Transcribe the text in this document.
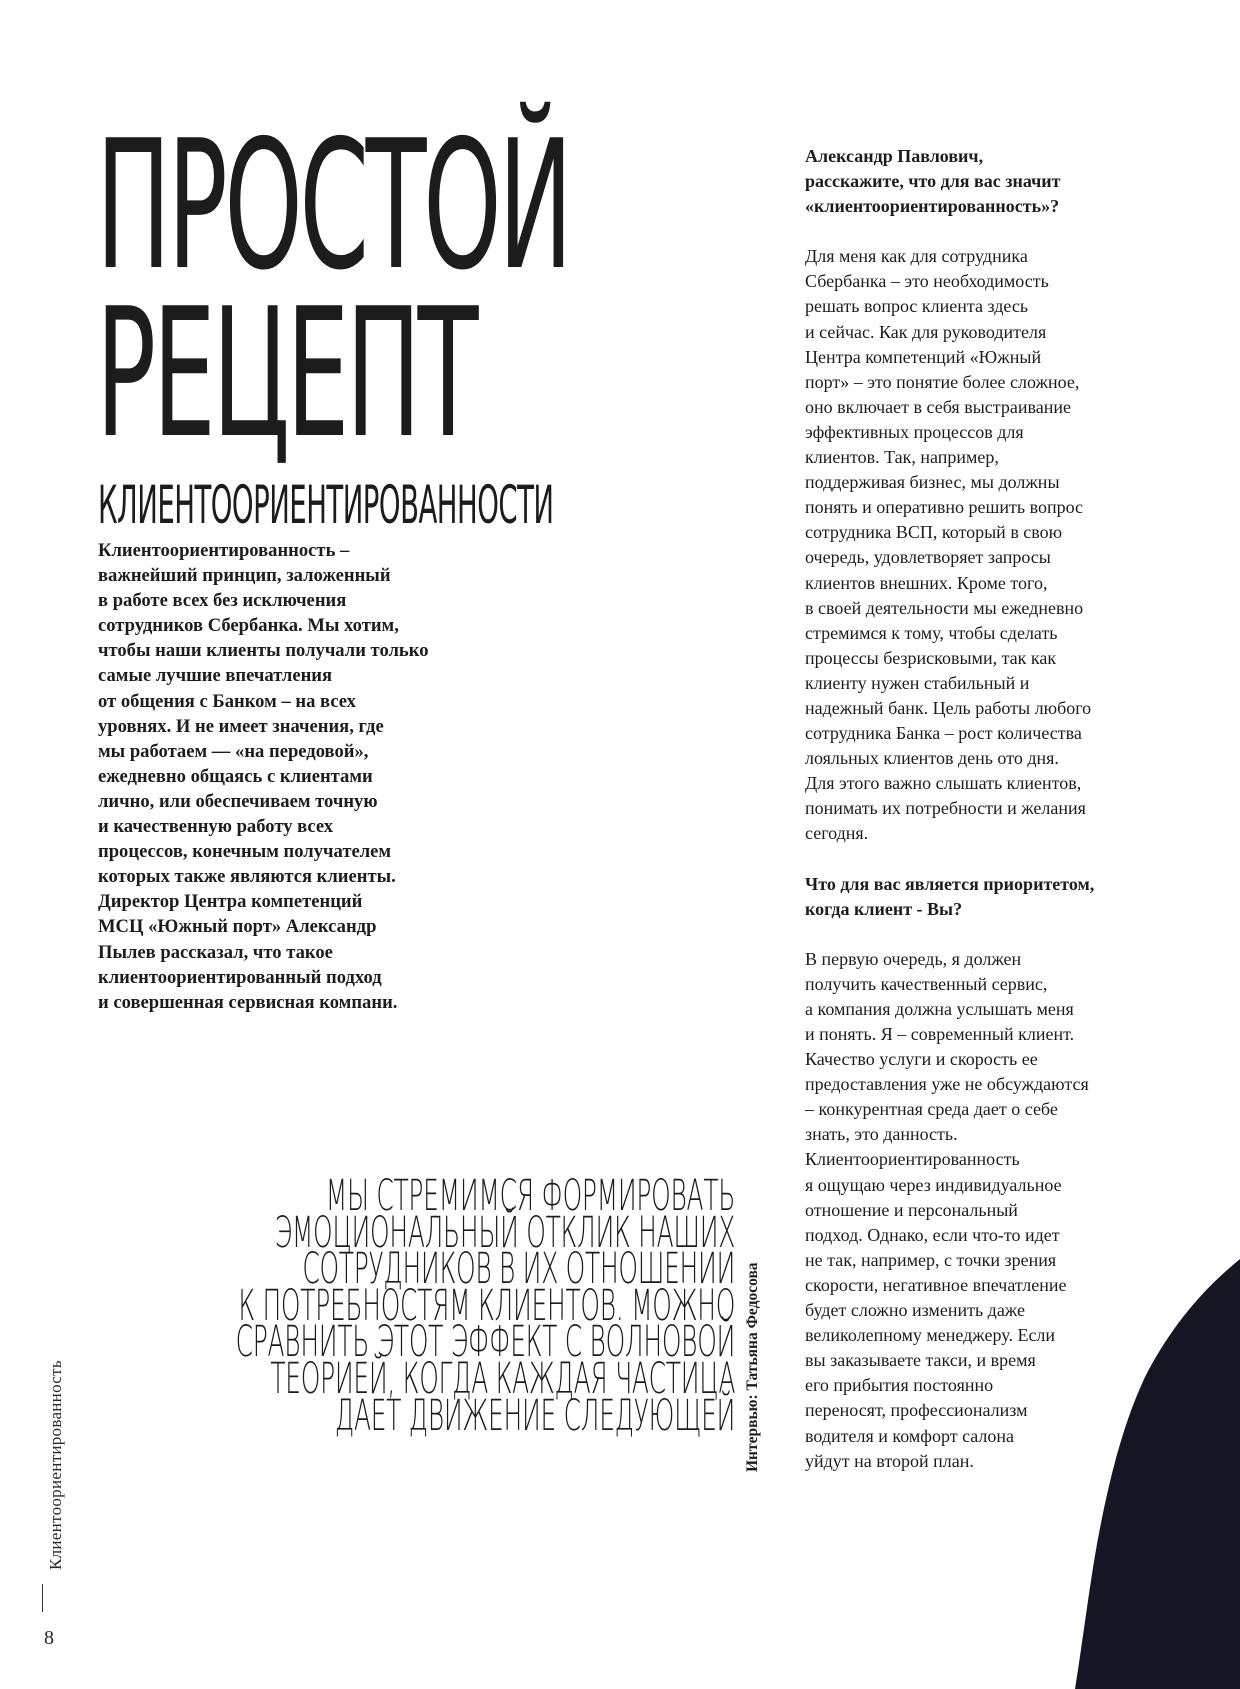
ПРОСТОЙ
РЕЦЕПТ
КЛИЕНТООРИЕНТИРОВАННОСТИ
Клиентоориентированность –
важнейший принцип, заложенный
в работе всех без исключения
сотрудников Сбербанка. Мы хотим,
чтобы наши клиенты получали только
самые лучшие впечатления
от общения с Банком – на всех
уровнях. И не имеет значения, где
мы работаем — «на передовой»,
ежедневно общаясь с клиентами
лично, или обеспечиваем точную
и качественную работу всех
процессов, конечным получателем
которых также являются клиенты.
Директор Центра компетенций
МСЦ «Южный порт» Александр
Пылев рассказал, что такое
клиентоориентированный подход
и совершенная сервисная компани.
МЫ СТРЕМИМСЯ ФОРМИРОВАТЬ
ЭМОЦИОНАЛЬНЫЙ ОТКЛИК НАШИХ
СОТРУДНИКОВ В ИХ ОТНОШЕНИИ
К ПОТРЕБНОСТЯМ КЛИЕНТОВ. МОЖНО
СРАВНИТЬ ЭТОТ ЭФФЕКТ С ВОЛНОВОЙ
ТЕОРИЕЙ, КОГДА КАЖДАЯ ЧАСТИЦА
ДАЕТ ДВИЖЕНИЕ СЛЕДУЮЩЕЙ Интервью: Татьяна Федосова
Александр Павлович,
расскажите, что для вас значит
«клиентоориентированность»?
Для меня как для сотрудника
Сбербанка – это необходимость
решать вопрос клиента здесь
и сейчас. Как для руководителя
Центра компетенций «Южный
порт» – это понятие более сложное,
оно включает в себя выстраивание
эффективных процессов для
клиентов. Так, например,
поддерживая бизнес, мы должны
понять и оперативно решить вопрос
сотрудника ВСП, который в свою
очередь, удовлетворяет запросы
клиентов внешних. Кроме того,
в своей деятельности мы ежедневно
стремимся к тому, чтобы сделать
процессы безрисковыми, так как
клиенту нужен стабильный и
надежный банк. Цель работы любого
сотрудника Банка – рост количества
лояльных клиентов день ото дня.
Для этого важно слышать клиентов,
понимать их потребности и желания
сегодня.
Что для вас является приоритетом,
когда клиент - Вы?
В первую очередь, я должен
получить качественный сервис,
а компания должна услышать меня
и понять. Я – современный клиент.
Качество услуги и скорость ее
предоставления уже не обсуждаются
– конкурентная среда дает о себе
знать, это данность.
Клиентоориентированность
я ощущаю через индивидуальное
отношение и персональный
подход. Однако, если что-то идет
не так, например, с точки зрения
скорости, негативное впечатление
будет сложно изменить даже
великолепному менеджеру. Если
вы заказываете такси, и время
его прибытия постоянно
переносят, профессионализм
водителя и комфорт салона
уйдут на второй план.
Клиентоориентированность
8
